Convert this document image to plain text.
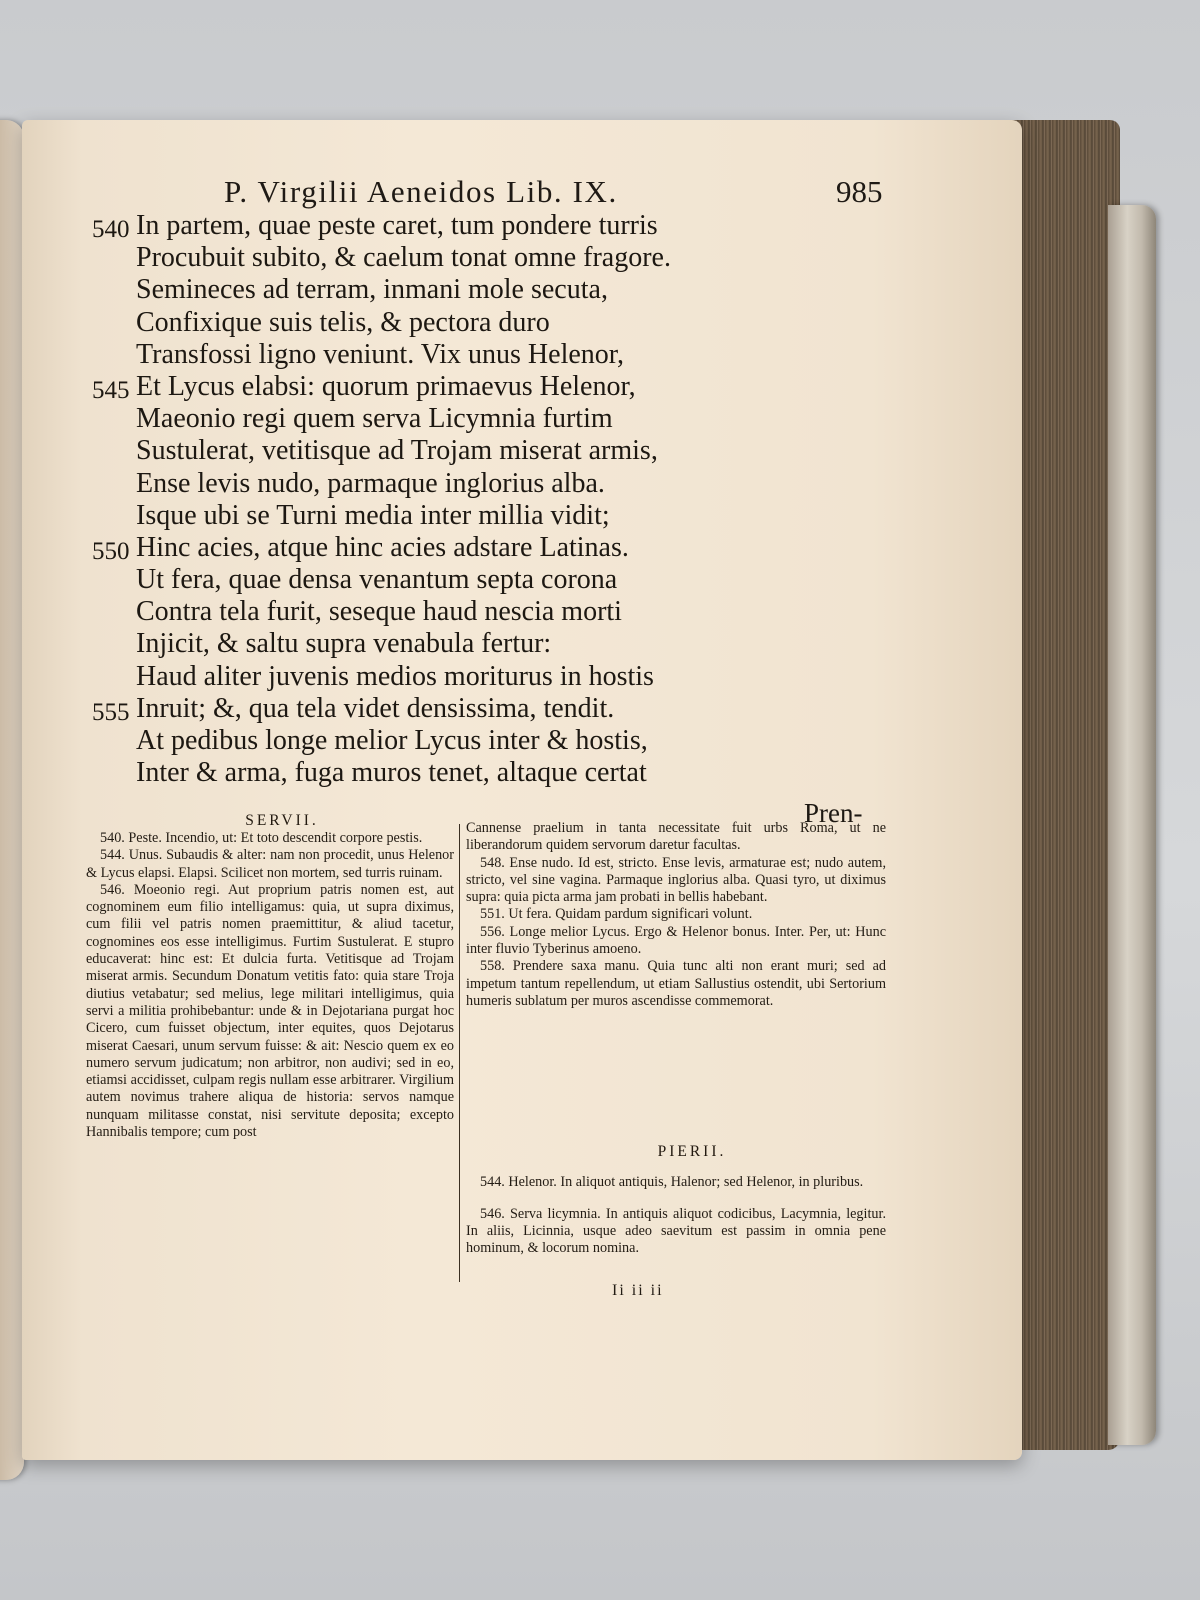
P. Virgilii Aeneidos Lib. IX.	985
540 In partem, quae peste caret, tum pondere turris
Procubuit subito, & caelum tonat omne fragore.
Semineces ad terram, inmani mole secuta,
Confixique suis telis, & pectora duro
Transfossi ligno veniunt. Vix unus Helenor,
545 Et Lycus elabsi: quorum primaevus Helenor,
Maeonio regi quem serva Licymnia furtim
Sustulerat, vetitisque ad Trojam miserat armis,
Ense levis nudo, parmaque inglorius alba.
Isque ubi se Turni media inter millia vidit;
550 Hinc acies, atque hinc acies adstare Latinas.
Ut fera, quae densa venantum septa corona
Contra tela furit, seseque haud nescia morti
Injicit, & saltu supra venabula fertur:
Haud aliter juvenis medios moriturus in hostis
555 Inruit; &, qua tela videt densissima, tendit.
At pedibus longe melior Lycus inter & hostis,
Inter & arma, fuga muros tenet, altaque certat
Pren-
SERVII.

540. Peste. Incendio, ut: Et toto descendit corpore pestis.

544. Unus. Subaudis & alter: nam non procedit, unus Helenor & Lycus elapsi. Elapsi. Scilicet non mortem, sed turris ruinam.

546. Moeonio regi. Aut proprium patris nomen est, aut cognominem eum filio intelligamus: quia, ut supra diximus, cum filii vel patris nomen praemittitur, & aliud tacetur, cognomines eos esse intelligimus. Furtim Sustulerat. E stupro educaverat: hinc est: Et dulcia furta. Vetitisque ad Trojam miserat armis. Secundum Donatum vetitis fato: quia stare Troja diutius vetabatur; sed melius, lege militari intelligimus, quia servi a militia prohibebantur: unde & in Dejotariana purgat hoc Cicero, cum fuisset objectum, inter equites, quos Dejotarus miserat Caesari, unum servum fuisse: & ait: Nescio quem ex eo numero servum judicatum; non arbitror, non audivi; sed in eo, etiamsi accidisset, culpam regis nullam esse arbitrarer. Virgilium autem novimus trahere aliqua de historia: servos namque nunquam militasse constat, nisi servitute deposita; excepto Hannibalis tempore; cum post

Cannense praelium in tanta necessitate fuit urbs Roma, ut ne liberandorum quidem servorum daretur facultas.

548. Ense nudo. Id est, stricto. Ense levis, armaturae est; nudo autem, stricto, vel sine vagina. Parmaque inglorius alba. Quasi tyro, ut diximus supra: quia picta arma jam probati in bellis habebant.

551. Ut fera. Quidam pardum significari volunt.

556. Longe melior Lycus. Ergo & Helenor bonus. Inter. Per, ut: Hunc inter fluvio Tyberinus amoeno.

558. Prendere saxa manu. Quia tunc alti non erant muri; sed ad impetum tantum repellendum, ut etiam Sallustius ostendit, ubi Sertorium humeris sublatum per muros ascendisse commemorat.

PIERII.

544. Helenor. In aliquot antiquis, Halenor; sed Helenor, in pluribus.

546. Serva licymnia. In antiquis aliquot codicibus, Lacymnia, legitur. In aliis, Licinnia, usque adeo saevitum est passim in omnia pene hominum, & locorum nomina.

Ii ii ii
